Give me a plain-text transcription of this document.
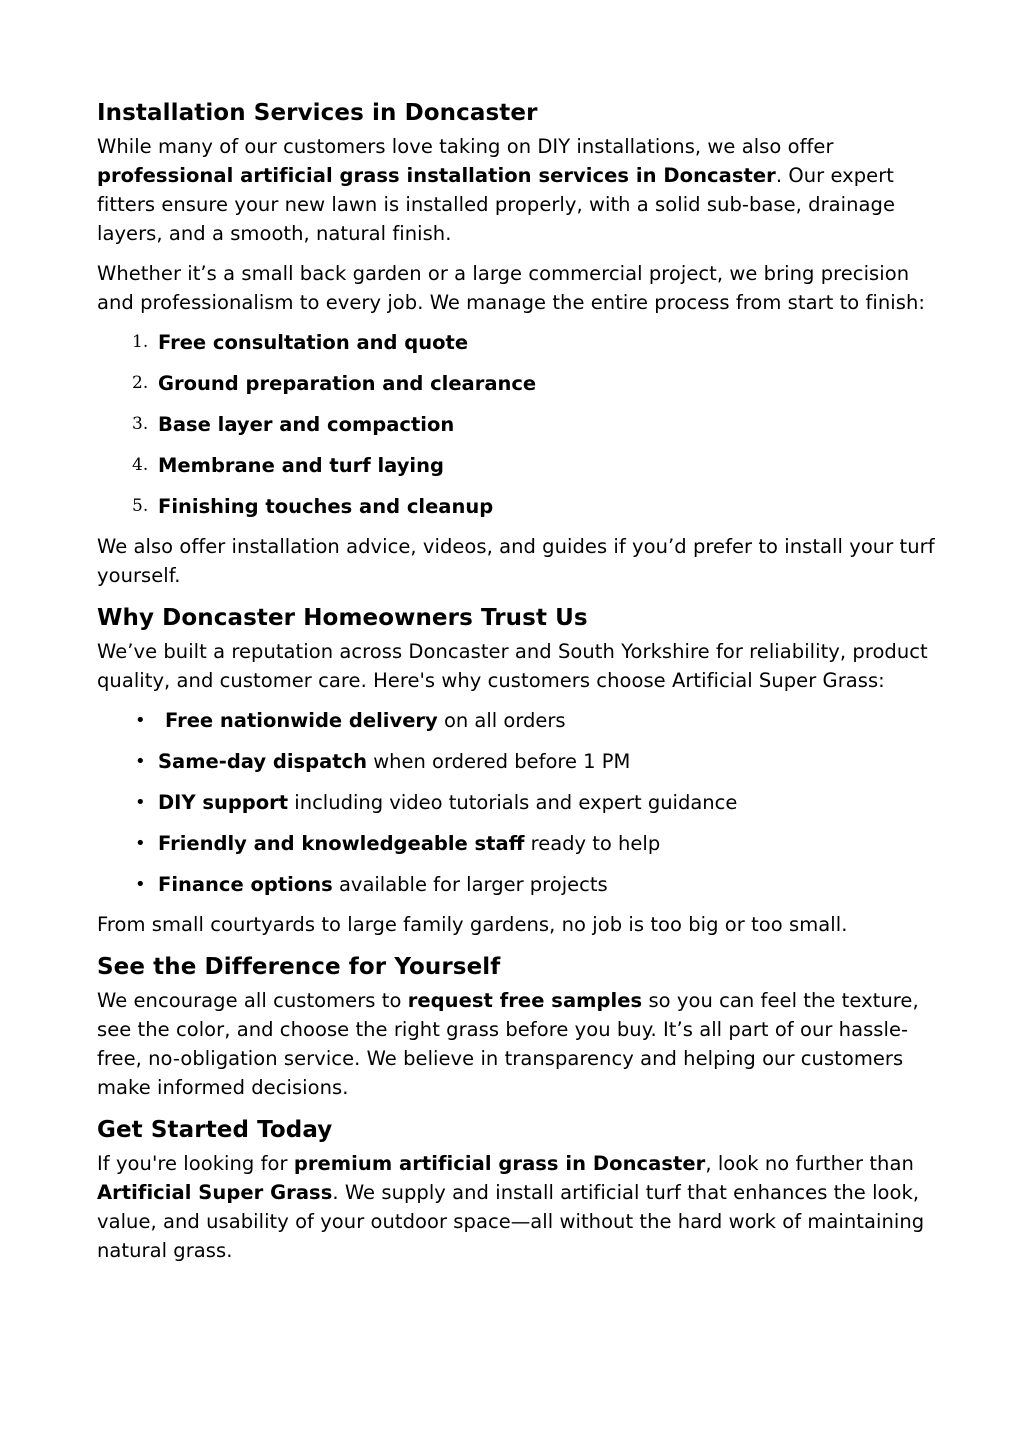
Installation Services in Doncaster

While many of our customers love taking on DIY installations, we also offer professional artificial grass installation services in Doncaster. Our expert fitters ensure your new lawn is installed properly, with a solid sub-base, drainage layers, and a smooth, natural finish.

Whether it’s a small back garden or a large commercial project, we bring precision and professionalism to every job. We manage the entire process from start to finish:

1. Free consultation and quote
2. Ground preparation and clearance
3. Base layer and compaction
4. Membrane and turf laying
5. Finishing touches and cleanup

We also offer installation advice, videos, and guides if you’d prefer to install your turf yourself.

Why Doncaster Homeowners Trust Us

We’ve built a reputation across Doncaster and South Yorkshire for reliability, product quality, and customer care. Here's why customers choose Artificial Super Grass:

• Free nationwide delivery on all orders
• Same-day dispatch when ordered before 1 PM
• DIY support including video tutorials and expert guidance
• Friendly and knowledgeable staff ready to help
• Finance options available for larger projects

From small courtyards to large family gardens, no job is too big or too small.

See the Difference for Yourself

We encourage all customers to request free samples so you can feel the texture, see the color, and choose the right grass before you buy. It’s all part of our hassle-free, no-obligation service. We believe in transparency and helping our customers make informed decisions.

Get Started Today

If you're looking for premium artificial grass in Doncaster, look no further than Artificial Super Grass. We supply and install artificial turf that enhances the look, value, and usability of your outdoor space—all without the hard work of maintaining natural grass.
